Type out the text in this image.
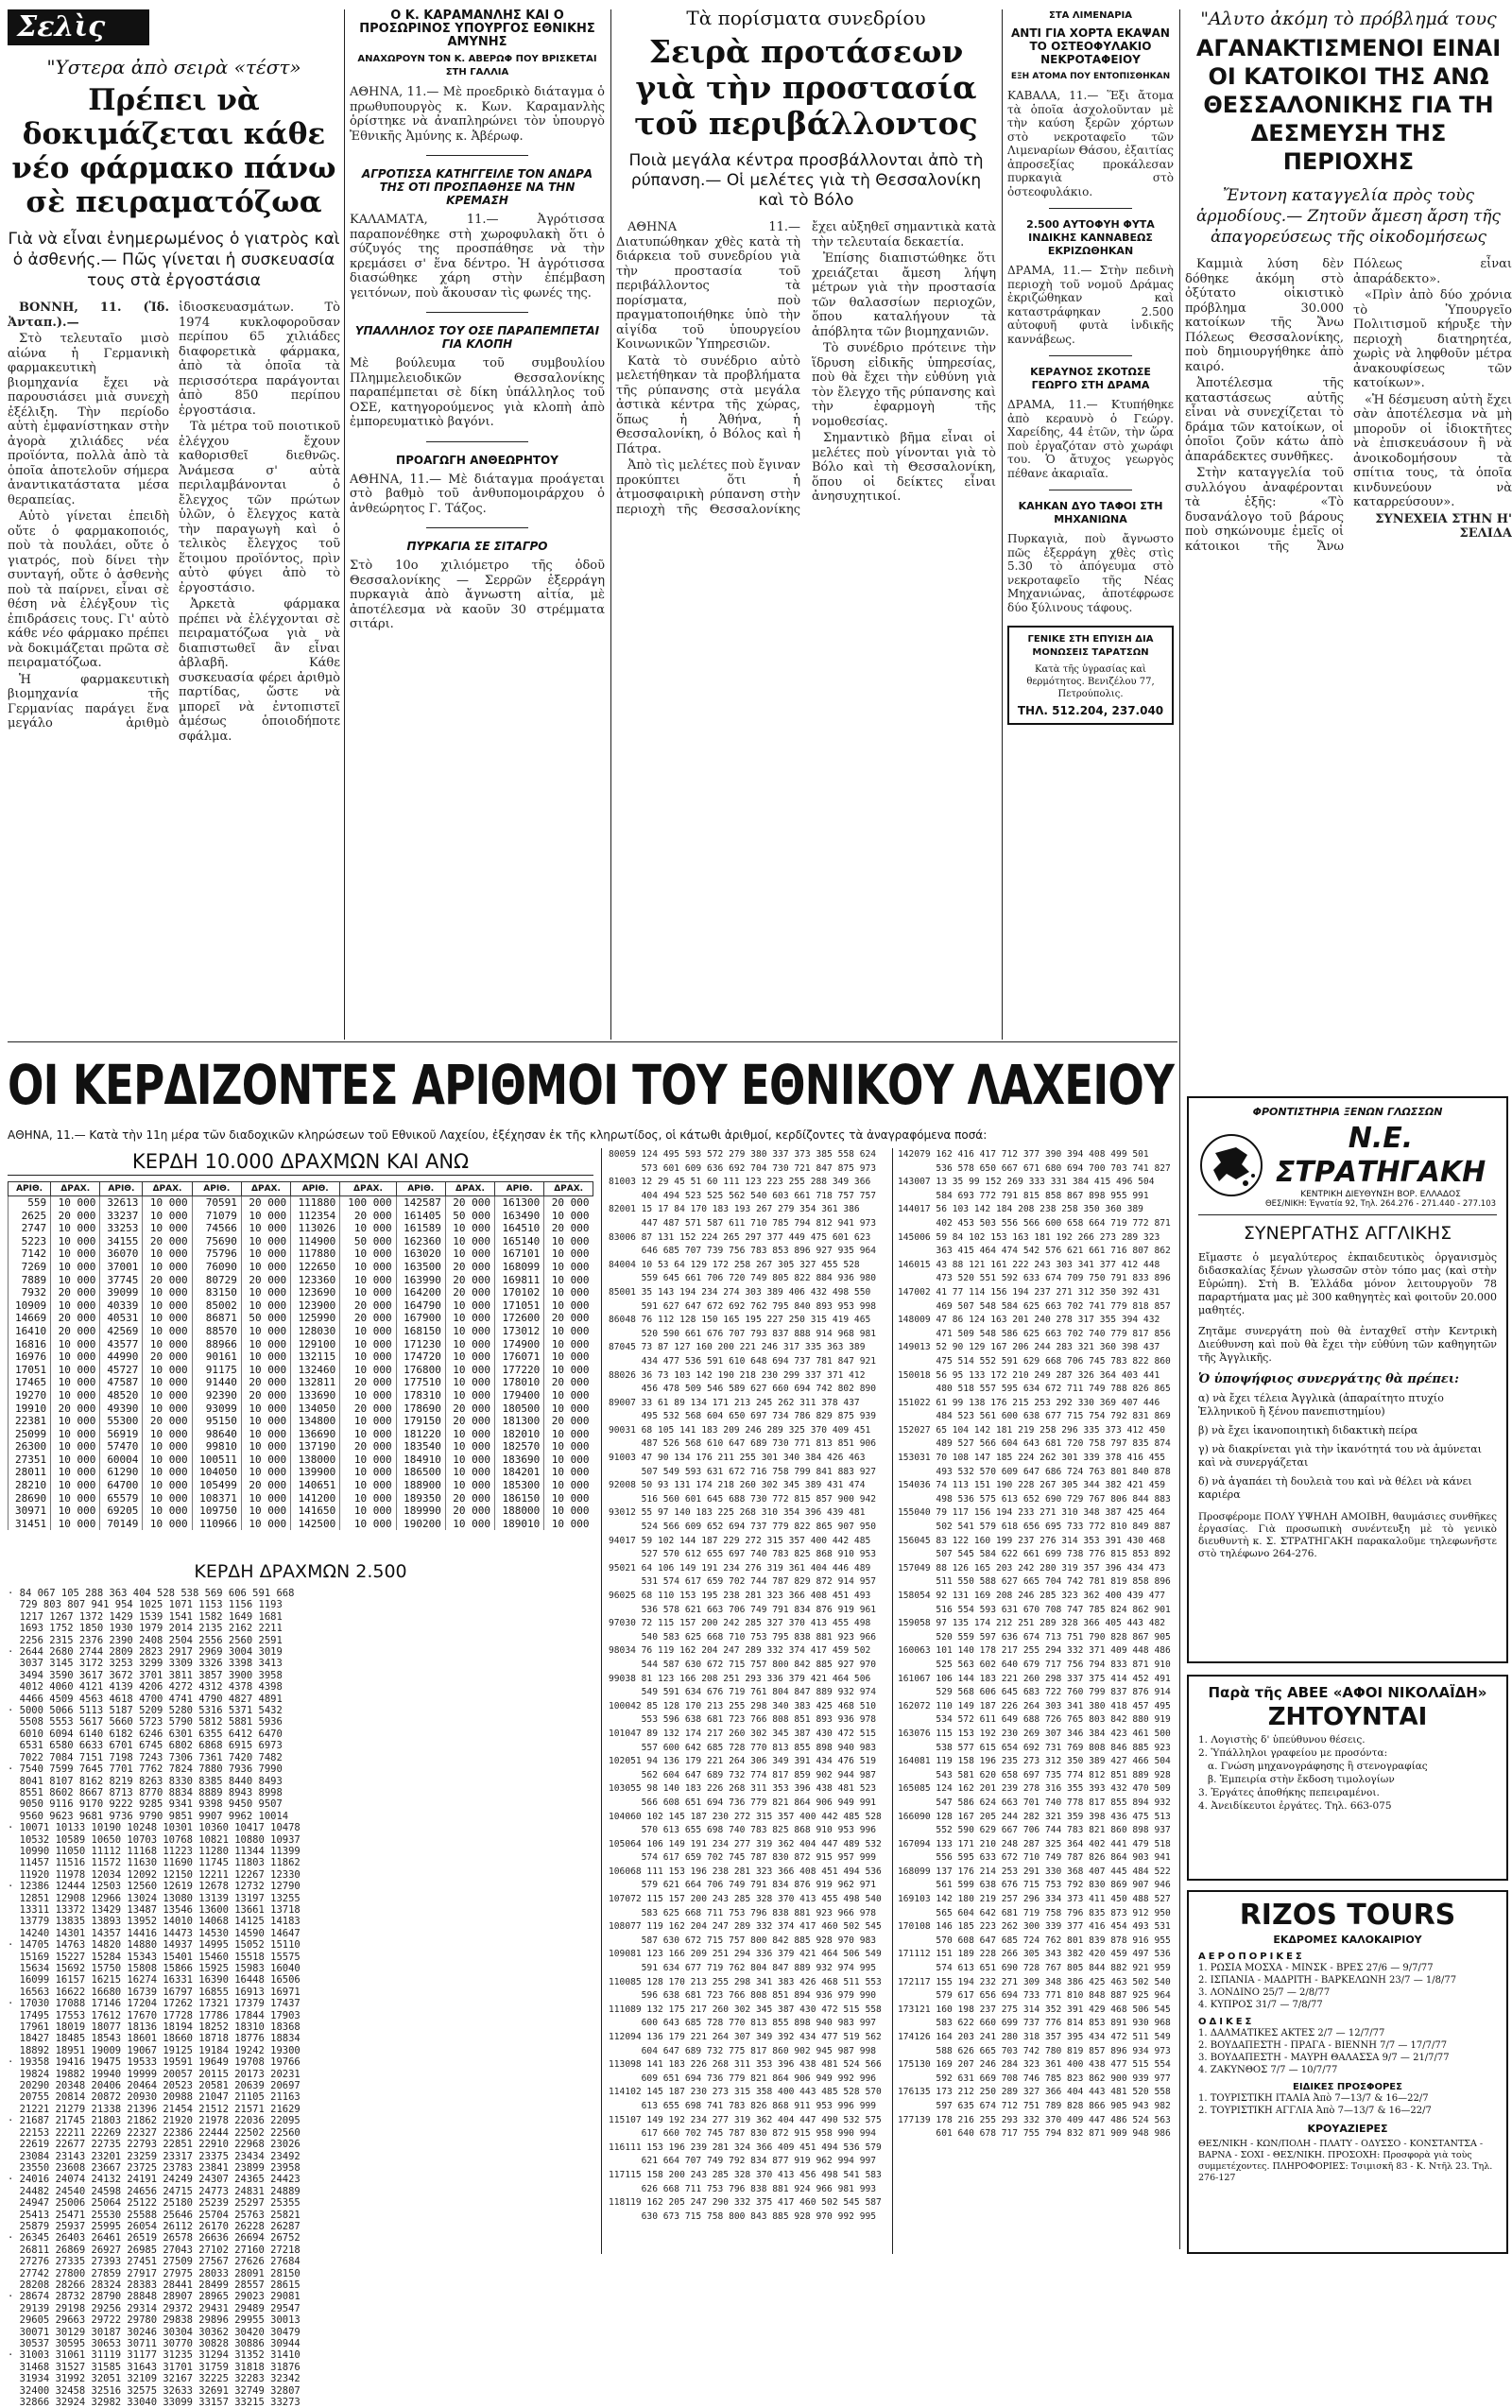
Σελὶς 20
"Υστερα ἀπὸ σειρὰ «τέστ»
Πρέπει νὰ δοκιμάζεται κάθε νέο φάρμακο πάνω σὲ πειραματόζωα
Γιὰ νὰ εἶναι ἐνημερωμένος ὁ γιατρὸς καὶ ὁ ἀσθενής.— Πῶς γίνεται ἡ συσκευασία τους στὰ ἐργοστάσια

ΒΟΝΝΗ, 11. (Ἰδ. Ἀνταπ.).—

Στὸ τελευταῖο μισὸ αἰώνα ἡ Γερμανικὴ φαρμακευτικὴ βιομηχανία ἔχει νὰ παρουσιάσει μιὰ συνεχὴ ἐξέλιξη. Τὴν περίοδο αὐτὴ ἐμφανίστηκαν στὴν ἀγορὰ χιλιάδες νέα προϊόντα, πολλὰ ἀπὸ τὰ ὁποῖα ἀποτελοῦν σήμερα ἀναντικατάστατα μέσα θεραπείας.

Αὐτὸ γίνεται ἐπειδὴ οὔτε ὁ φαρμακοποιός, ποὺ τὰ πουλάει, οὔτε ὁ γιατρός, ποὺ δίνει τὴν συνταγή, οὔτε ὁ ἀσθενὴς ποὺ τὰ παίρνει, εἶναι σὲ θέση νὰ ἐλέγξουν τὶς ἐπιδράσεις τους. Γι' αὐτὸ κάθε νέο φάρμακο πρέπει νὰ δοκιμάζεται πρῶτα σὲ πειραματόζωα.

Ἡ φαρμακευτικὴ βιομηχανία τῆς Γερμανίας παράγει ἕνα μεγάλο ἀριθμὸ ἰδιοσκευασμάτων. Τὸ 1974 κυκλοφοροῦσαν περίπου 65 χιλιάδες διαφορετικὰ φάρμακα, ἀπὸ τὰ ὁποῖα τὰ περισσότερα παράγονται ἀπὸ 850 περίπου ἐργοστάσια.

Τὰ μέτρα τοῦ ποιοτικοῦ ἐλέγχου ἔχουν καθορισθεῖ διεθνῶς. Ἀνάμεσα σ' αὐτὰ περιλαμβάνονται ὁ ἔλεγχος τῶν πρώτων ὑλῶν, ὁ ἔλεγχος κατὰ τὴν παραγωγὴ καὶ ὁ τελικὸς ἔλεγχος τοῦ ἕτοιμου προϊόντος, πρὶν αὐτὸ φύγει ἀπὸ τὸ ἐργοστάσιο.

Ἀρκετὰ φάρμακα πρέπει νὰ ἐλέγχονται σὲ πειραματόζωα γιὰ νὰ διαπιστωθεῖ ἂν εἶναι ἀβλαβῆ. Κάθε συσκευασία φέρει ἀριθμὸ παρτίδας, ὥστε νὰ μπορεῖ νὰ ἐντοπιστεῖ ἀμέσως ὁποιοδήποτε σφάλμα.

Ο Κ. ΚΑΡΑΜΑΝΛΗΣ ΚΑΙ Ο ΠΡΟΣΩΡΙΝΟΣ ΥΠΟΥΡΓΟΣ ΕΘΝΙΚΗΣ ΑΜΥΝΗΣ
ΑΝΑΧΩΡΟΥΝ ΤΟΝ Κ. ΑΒΕΡΩΦ ΠΟΥ ΒΡΙΣΚΕΤΑΙ ΣΤΗ ΓΑΛΛΙΑ
ΑΘΗΝΑ, 11.— Μὲ προεδρικὸ διάταγμα ὁ πρωθυπουργὸς κ. Κων. Καραμανλὴς ὁρίστηκε νὰ ἀναπληρώνει τὸν ὑπουργὸ Ἐθνικῆς Ἀμύνης κ. Ἀβέρωφ.
ΑΓΡΟΤΙΣΣΑ ΚΑΤΗΓΓΕΙΛΕ ΤΟΝ ΑΝΔΡΑ ΤΗΣ ΟΤΙ ΠΡΟΣΠΑΘΗΣΕ ΝΑ ΤΗΝ ΚΡΕΜΑΣΗ
ΚΑΛΑΜΑΤΑ, 11.— Ἀγρότισσα παραπονέθηκε στὴ χωροφυλακὴ ὅτι ὁ σύζυγός της προσπάθησε νὰ τὴν κρεμάσει σ' ἕνα δέντρο. Ἡ ἀγρότισσα διασώθηκε χάρη στὴν ἐπέμβαση γειτόνων, ποὺ ἄκουσαν τὶς φωνές της.
ΥΠΑΛΛΗΛΟΣ ΤΟΥ ΟΣΕ ΠΑΡΑΠΕΜΠΕΤΑΙ ΓΙΑ ΚΛΟΠΗ
Μὲ βούλευμα τοῦ συμβουλίου Πλημμελειοδικῶν Θεσσαλονίκης παραπέμπεται σὲ δίκη ὑπάλληλος τοῦ ΟΣΕ, κατηγορούμενος γιὰ κλοπὴ ἀπὸ ἐμπορευματικὸ βαγόνι.
ΠΡΟΑΓΩΓΗ ΑΝΘΕΩΡΗΤΟΥ
ΑΘΗΝΑ, 11.— Μὲ διάταγμα προάγεται στὸ βαθμὸ τοῦ ἀνθυπομοιράρχου ὁ ἀνθεώρητος Γ. Τάζος.
ΠΥΡΚΑΓΙΑ ΣΕ ΣΙΤΑΓΡΟ
Στὸ 10ο χιλιόμετρο τῆς ὁδοῦ Θεσσαλονίκης — Σερρῶν ἐξερράγη πυρκαγιὰ ἀπὸ ἄγνωστη αἰτία, μὲ ἀποτέλεσμα νὰ καοῦν 30 στρέμματα σιτάρι.
Τὰ πορίσματα συνεδρίου
Σειρὰ προτάσεων γιὰ τὴν προστασία τοῦ περιβάλλοντος
Ποιὰ μεγάλα κέντρα προσβάλλονται ἀπὸ τὴ ρύπανση.— Οἱ μελέτες γιὰ τὴ Θεσσαλονίκη καὶ τὸ Βόλο

ΑΘΗΝΑ 11.— Διατυπώθηκαν χθὲς κατὰ τὴ διάρκεια τοῦ συνεδρίου γιὰ τὴν προστασία τοῦ περιβάλλοντος τὰ πορίσματα, ποὺ πραγματοποιήθηκε ὑπὸ τὴν αἰγίδα τοῦ ὑπουργείου Κοινωνικῶν Ὑπηρεσιῶν.

Κατὰ τὸ συνέδριο αὐτὸ μελετήθηκαν τὰ προβλήματα τῆς ρύπανσης στὰ μεγάλα ἀστικὰ κέντρα τῆς χώρας, ὅπως ἡ Ἀθήνα, ἡ Θεσσαλονίκη, ὁ Βόλος καὶ ἡ Πάτρα.

Ἀπὸ τὶς μελέτες ποὺ ἔγιναν προκύπτει ὅτι ἡ ἀτμοσφαιρικὴ ρύπανση στὴν περιοχὴ τῆς Θεσσαλονίκης ἔχει αὐξηθεῖ σημαντικὰ κατὰ τὴν τελευταία δεκαετία.

Ἐπίσης διαπιστώθηκε ὅτι χρειάζεται ἄμεση λήψη μέτρων γιὰ τὴν προστασία τῶν θαλασσίων περιοχῶν, ὅπου καταλήγουν τὰ ἀπόβλητα τῶν βιομηχανιῶν.

Τὸ συνέδριο πρότεινε τὴν ἵδρυση εἰδικῆς ὑπηρεσίας, ποὺ θὰ ἔχει τὴν εὐθύνη γιὰ τὸν ἔλεγχο τῆς ρύπανσης καὶ τὴν ἐφαρμογὴ τῆς νομοθεσίας.

Σημαντικὸ βῆμα εἶναι οἱ μελέτες ποὺ γίνονται γιὰ τὸ Βόλο καὶ τὴ Θεσσαλονίκη, ὅπου οἱ δείκτες εἶναι ἀνησυχητικοί.

ΣΤΑ ΛΙΜΕΝΑΡΙΑ
ΑΝΤΙ ΓΙΑ ΧΟΡΤΑ ΕΚΑΨΑΝ ΤΟ ΟΣΤΕΟΦΥΛΑΚΙΟ ΝΕΚΡΟΤΑΦΕΙΟΥ
ΕΞΗ ΑΤΟΜΑ ΠΟΥ ΕΝΤΟΠΙΣΘΗΚΑΝ
ΚΑΒΑΛΑ, 11.— Ἕξι ἄτομα τὰ ὁποῖα ἀσχολοῦνταν μὲ τὴν καύση ξερῶν χόρτων στὸ νεκροταφεῖο τῶν Λιμεναρίων Θάσου, ἐξαιτίας ἀπροσεξίας προκάλεσαν πυρκαγιὰ στὸ ὀστεοφυλάκιο.
2.500 ΑΥΤΟΦΥΗ ΦΥΤΑ ΙΝΔΙΚΗΣ ΚΑΝΝΑΒΕΩΣ ΕΚΡΙΖΩΘΗΚΑΝ
ΔΡΑΜΑ, 11.— Στὴν πεδινὴ περιοχὴ τοῦ νομοῦ Δράμας ἐκριζώθηκαν καὶ καταστράφηκαν 2.500 αὐτοφυῆ φυτὰ ἰνδικῆς καννάβεως.
ΚΕΡΑΥΝΟΣ ΣΚΟΤΩΣΕ ΓΕΩΡΓΟ ΣΤΗ ΔΡΑΜΑ
ΔΡΑΜΑ, 11.— Κτυπήθηκε ἀπὸ κεραυνὸ ὁ Γεώργ. Χαρείδης, 44 ἐτῶν, τὴν ὥρα ποὺ ἐργαζόταν στὸ χωράφι του. Ὁ ἄτυχος γεωργὸς πέθανε ἀκαριαῖα.
ΚΑΗΚΑΝ ΔΥΟ ΤΑΦΟΙ ΣΤΗ ΜΗΧΑΝΙΩΝΑ
Πυρκαγιὰ, ποὺ ἄγνωστο πῶς ἐξερράγη χθὲς στὶς 5.30 τὸ ἀπόγευμα στὸ νεκροταφεῖο τῆς Νέας Μηχανιώνας, ἀποτέφρωσε δύο ξύλινους τάφους.
ΓΕΝΙΚΕ ΣΤΗ ΕΠΥΙΣΗ ΔΙΑ ΜΟΝΩΣΕΙΣ ΤΑΡΑΤΣΩΝ
Κατὰ τῆς ὑγρασίας καὶ θερμότητος. Βενιζέλου 77, Πετρούπολις.
ΤΗΛ. 512.204, 237.040
"Αλυτο ἀκόμη τὸ πρόβλημά τους
ΑΓΑΝΑΚΤΙΣΜΕΝΟΙ ΕΙΝΑΙ ΟΙ ΚΑΤΟΙΚΟΙ ΤΗΣ ΑΝΩ ΘΕΣΣΑΛΟΝΙΚΗΣ ΓΙΑ ΤΗ ΔΕΣΜΕΥΣΗ ΤΗΣ ΠΕΡΙΟΧΗΣ
Ἔντονη καταγγελία πρὸς τοὺς ἁρμοδίους.— Ζητοῦν ἄμεση ἄρση τῆς ἀπαγορεύσεως τῆς οἰκοδομήσεως

Καμμιὰ λύση δὲν δόθηκε ἀκόμη στὸ ὀξύτατο οἰκιστικὸ πρόβλημα 30.000 κατοίκων τῆς Ἄνω Πόλεως Θεσσαλονίκης, ποὺ δημιουργήθηκε ἀπὸ καιρό.

Ἀποτέλεσμα τῆς καταστάσεως αὐτῆς εἶναι νὰ συνεχίζεται τὸ δράμα τῶν κατοίκων, οἱ ὁποῖοι ζοῦν κάτω ἀπὸ ἀπαράδεκτες συνθῆκες.

Στὴν καταγγελία τοῦ συλλόγου ἀναφέρονται τὰ ἑξῆς: «Τὸ δυσανάλογο τοῦ βάρους ποὺ σηκώνουμε ἐμεῖς οἱ κάτοικοι τῆς Ἄνω Πόλεως εἶναι ἀπαράδεκτο».

«Πρὶν ἀπὸ δύο χρόνια τὸ Ὑπουργεῖο Πολιτισμοῦ κήρυξε τὴν περιοχὴ διατηρητέα, χωρὶς νὰ ληφθοῦν μέτρα ἀνακουφίσεως τῶν κατοίκων».

«Ἡ δέσμευση αὐτὴ ἔχει σὰν ἀποτέλεσμα νὰ μὴ μποροῦν οἱ ἰδιοκτῆτες νὰ ἐπισκευάσουν ἢ νὰ ἀνοικοδομήσουν τὰ σπίτια τους, τὰ ὁποῖα κινδυνεύουν νὰ καταρρεύσουν».

ΣΥΝΕΧΕΙΑ ΣΤΗΝ Η' ΣΕΛΙΔΑ

ΟΙ ΚΕΡΔΙΖΟΝΤΕΣ ΑΡΙΘΜΟΙ ΤΟΥ ΕΘΝΙΚΟΥ ΛΑΧΕΙΟΥ
ΑΘΗΝΑ, 11.— Κατὰ τὴν 11η μέρα τῶν διαδοχικῶν κληρώσεων τοῦ Εθνικοῦ Λαχείου, ἐξέχησαν ἐκ τῆς κληρωτίδος, οἱ κάτωθι ἀριθμοί, κερδίζοντες τὰ ἀναγραφόμενα ποσά:
ΚΕΡΔΗ 10.000 ΔΡΑΧΜΩΝ ΚΑΙ ΑΝΩ
ΑΡΙΘ.	ΔΡΑΧ.	ΑΡΙΘ.	ΔΡΑΧ.	ΑΡΙΘ.	ΔΡΑΧ.	ΑΡΙΘ.	ΔΡΑΧ.	ΑΡΙΘ.	ΔΡΑΧ.	ΑΡΙΘ.	ΔΡΑΧ.
559	10 000	32613	10 000	70591	20 000	111880	100 000	142587	20 000	161300	20 000
2625	20 000	33237	10 000	71079	10 000	112354	20 000	161405	50 000	163490	10 000
2747	10 000	33253	10 000	74566	10 000	113026	10 000	161589	10 000	164510	20 000
5223	10 000	34155	20 000	75690	10 000	114900	50 000	162360	10 000	165140	10 000
7142	10 000	36070	10 000	75796	10 000	117880	10 000	163020	10 000	167101	10 000
7269	10 000	37001	10 000	76090	10 000	122650	10 000	163500	20 000	168099	10 000
7889	10 000	37745	20 000	80729	20 000	123360	10 000	163990	20 000	169811	10 000
7932	20 000	39099	10 000	83150	10 000	123690	10 000	164200	20 000	170102	10 000
10909	10 000	40339	10 000	85002	10 000	123900	20 000	164790	10 000	171051	10 000
14669	20 000	40531	10 000	86871	50 000	125990	20 000	167900	10 000	172600	20 000
16410	20 000	42569	10 000	88570	10 000	128030	10 000	168150	10 000	173012	10 000
16816	10 000	43577	10 000	88966	10 000	129100	10 000	171230	10 000	174900	10 000
16976	10 000	44990	20 000	90161	10 000	132115	10 000	174720	10 000	176071	10 000
17051	10 000	45727	10 000	91175	10 000	132460	10 000	176800	10 000	177220	10 000
17465	10 000	47587	10 000	91440	20 000	132811	20 000	177510	10 000	178010	20 000
19270	10 000	48520	10 000	92390	20 000	133690	10 000	178310	10 000	179400	10 000
19910	20 000	49390	10 000	93099	10 000	134050	20 000	178690	20 000	180500	10 000
22381	10 000	55300	20 000	95150	10 000	134800	10 000	179150	20 000	181300	20 000
25099	10 000	56919	10 000	98640	10 000	136690	10 000	181220	10 000	182010	10 000
26300	10 000	57470	10 000	99810	10 000	137190	20 000	183540	10 000	182570	10 000
27351	10 000	60004	10 000	100511	10 000	138000	10 000	184910	10 000	183690	10 000
28011	10 000	61290	10 000	104050	10 000	139900	10 000	186500	10 000	184201	10 000
28210	10 000	64700	10 000	105499	20 000	140651	10 000	188900	10 000	185300	10 000
28690	10 000	65579	10 000	108371	10 000	141200	10 000	189350	20 000	186150	10 000
30971	10 000	69205	10 000	109750	10 000	141650	10 000	189990	20 000	188000	10 000
31451	10 000	70149	10 000	110966	10 000	142500	10 000	190200	10 000	189010	10 000
ΚΕΡΔΗ ΔΡΑΧΜΩΝ 2.500
· 84 067 105 288 363 404 528 538 569 606 591 668
729 803 807 941 954 1025 1071 1153 1156 1193
1217 1267 1372 1429 1539 1541 1582 1649 1681
1693 1752 1850 1930 1979 2014 2135 2162 2211
2256 2315 2376 2390 2408 2504 2556 2560 2591
· 2644 2680 2744 2809 2823 2917 2969 3004 3019
3037 3145 3172 3253 3299 3309 3326 3398 3413
3494 3590 3617 3672 3701 3811 3857 3900 3958
4012 4060 4121 4139 4206 4272 4312 4378 4398
4466 4509 4563 4618 4700 4741 4790 4827 4891
· 5000 5066 5113 5187 5209 5280 5316 5371 5432
5508 5553 5617 5660 5723 5790 5812 5881 5936
6010 6094 6140 6182 6246 6301 6355 6412 6470
6531 6580 6633 6701 6745 6802 6868 6915 6973
7022 7084 7151 7198 7243 7306 7361 7420 7482
· 7540 7599 7645 7701 7762 7824 7880 7936 7990
8041 8107 8162 8219 8263 8330 8385 8440 8493
8551 8602 8667 8713 8770 8834 8889 8943 8998
9050 9116 9170 9222 9285 9341 9398 9450 9507
9560 9623 9681 9736 9790 9851 9907 9962 10014
· 10071 10133 10190 10248 10301 10360 10417 10478
10532 10589 10650 10703 10768 10821 10880 10937
10990 11050 11112 11168 11223 11280 11344 11399
11457 11516 11572 11630 11690 11745 11803 11862
11920 11978 12034 12092 12150 12211 12267 12330
· 12386 12444 12503 12560 12619 12678 12732 12790
12851 12908 12966 13024 13080 13139 13197 13255
13311 13372 13429 13487 13546 13600 13661 13718
13779 13835 13893 13952 14010 14068 14125 14183
14240 14301 14357 14416 14473 14530 14590 14647
· 14705 14763 14820 14880 14937 14995 15052 15110
15169 15227 15284 15343 15401 15460 15518 15575
15634 15692 15750 15808 15866 15925 15983 16040
16099 16157 16215 16274 16331 16390 16448 16506
16563 16622 16680 16739 16797 16855 16913 16971
· 17030 17088 17146 17204 17262 17321 17379 17437
17495 17553 17612 17670 17728 17786 17844 17903
17961 18019 18077 18136 18194 18252 18310 18368
18427 18485 18543 18601 18660 18718 18776 18834
18892 18951 19009 19067 19125 19184 19242 19300
· 19358 19416 19475 19533 19591 19649 19708 19766
19824 19882 19940 19999 20057 20115 20173 20231
20290 20348 20406 20464 20523 20581 20639 20697
20755 20814 20872 20930 20988 21047 21105 21163
21221 21279 21338 21396 21454 21512 21571 21629
· 21687 21745 21803 21862 21920 21978 22036 22095
22153 22211 22269 22327 22386 22444 22502 22560
22619 22677 22735 22793 22851 22910 22968 23026
23084 23143 23201 23259 23317 23375 23434 23492
23550 23608 23667 23725 23783 23841 23899 23958
· 24016 24074 24132 24191 24249 24307 24365 24423
24482 24540 24598 24656 24715 24773 24831 24889
24947 25006 25064 25122 25180 25239 25297 25355
25413 25471 25530 25588 25646 25704 25763 25821
25879 25937 25995 26054 26112 26170 26228 26287
· 26345 26403 26461 26519 26578 26636 26694 26752
26811 26869 26927 26985 27043 27102 27160 27218
27276 27335 27393 27451 27509 27567 27626 27684
27742 27800 27859 27917 27975 28033 28091 28150
28208 28266 28324 28383 28441 28499 28557 28615
· 28674 28732 28790 28848 28907 28965 29023 29081
29139 29198 29256 29314 29372 29431 29489 29547
29605 29663 29722 29780 29838 29896 29955 30013
30071 30129 30187 30246 30304 30362 30420 30479
30537 30595 30653 30711 30770 30828 30886 30944
· 31003 31061 31119 31177 31235 31294 31352 31410
31468 31527 31585 31643 31701 31759 31818 31876
31934 31992 32051 32109 32167 32225 32283 32342
32400 32458 32516 32575 32633 32691 32749 32807
32866 32924 32982 33040 33099 33157 33215 33273
80059 124 495 593 572 279 380 337 373 385 558 624
573 601 609 636 692 704 730 721 847 875 973
81003 12 29 45 51 60 111 123 223 255 288 349 366
404 494 523 525 562 540 603 661 718 757 757
82001 15 17 84 170 183 193 267 279 354 361 386
447 487 571 587 611 710 785 794 812 941 973
83006 87 131 152 224 265 297 377 449 475 601 623
646 685 707 739 756 783 853 896 927 935 964
84004 10 53 64 129 172 258 267 305 327 455 528
559 645 661 706 720 749 805 822 884 936 980
85001 35 143 194 234 274 303 389 406 432 498 550
591 627 647 672 692 762 795 840 893 953 998
86048 76 112 128 150 165 195 227 250 315 419 465
520 590 661 676 707 793 837 888 914 968 981
87045 73 87 127 160 200 221 246 317 335 363 389
434 477 536 591 610 648 694 737 781 847 921
88026 36 73 103 142 190 218 230 299 337 371 412
456 478 509 546 589 627 660 694 742 802 890
89007 33 61 89 134 171 213 245 262 311 378 437
495 532 568 604 650 697 734 786 829 875 939
90031 68 105 141 183 209 246 289 325 370 409 451
487 526 568 610 647 689 730 771 813 851 906
91003 47 90 134 176 211 255 301 340 384 426 463
507 549 593 631 672 716 758 799 841 883 927
92008 50 93 131 174 218 260 302 345 389 431 474
516 560 601 645 688 730 772 815 857 900 942
93012 55 97 140 183 225 268 310 354 396 439 481
524 566 609 652 694 737 779 822 865 907 950
94017 59 102 144 187 229 272 315 357 400 442 485
527 570 612 655 697 740 783 825 868 910 953
95021 64 106 149 191 234 276 319 361 404 446 489
531 574 617 659 702 744 787 829 872 914 957
96025 68 110 153 195 238 281 323 366 408 451 493
536 578 621 663 706 749 791 834 876 919 961
97030 72 115 157 200 242 285 327 370 413 455 498
540 583 625 668 710 753 795 838 881 923 966
98034 76 119 162 204 247 289 332 374 417 459 502
544 587 630 672 715 757 800 842 885 927 970
99038 81 123 166 208 251 293 336 379 421 464 506
549 591 634 676 719 761 804 847 889 932 974
100042 85 128 170 213 255 298 340 383 425 468 510
553 596 638 681 723 766 808 851 893 936 978
101047 89 132 174 217 260 302 345 387 430 472 515
557 600 642 685 728 770 813 855 898 940 983
102051 94 136 179 221 264 306 349 391 434 476 519
562 604 647 689 732 774 817 859 902 944 987
103055 98 140 183 226 268 311 353 396 438 481 523
566 608 651 694 736 779 821 864 906 949 991
104060 102 145 187 230 272 315 357 400 442 485 528
570 613 655 698 740 783 825 868 910 953 996
105064 106 149 191 234 277 319 362 404 447 489 532
574 617 659 702 745 787 830 872 915 957 999
106068 111 153 196 238 281 323 366 408 451 494 536
579 621 664 706 749 791 834 876 919 962 971
107072 115 157 200 243 285 328 370 413 455 498 540
583 625 668 711 753 796 838 881 923 966 978
108077 119 162 204 247 289 332 374 417 460 502 545
587 630 672 715 757 800 842 885 928 970 983
109081 123 166 209 251 294 336 379 421 464 506 549
591 634 677 719 762 804 847 889 932 974 995
110085 128 170 213 255 298 341 383 426 468 511 553
596 638 681 723 766 808 851 894 936 979 990
111089 132 175 217 260 302 345 387 430 472 515 558
600 643 685 728 770 813 855 898 940 983 997
112094 136 179 221 264 307 349 392 434 477 519 562
604 647 689 732 775 817 860 902 945 987 998
113098 141 183 226 268 311 353 396 438 481 524 566
609 651 694 736 779 821 864 906 949 992 996
114102 145 187 230 273 315 358 400 443 485 528 570
613 655 698 741 783 826 868 911 953 996 999
115107 149 192 234 277 319 362 404 447 490 532 575
617 660 702 745 787 830 872 915 958 990 994
116111 153 196 239 281 324 366 409 451 494 536 579
621 664 707 749 792 834 877 919 962 994 997
117115 158 200 243 285 328 370 413 456 498 541 583
626 668 711 753 796 838 881 924 966 981 993
118119 162 205 247 290 332 375 417 460 502 545 587
630 673 715 758 800 843 885 928 970 992 995
142079 162 416 417 712 377 390 394 408 499 501
536 578 650 667 671 680 694 700 703 741 827
143007 13 35 99 152 269 333 331 384 415 496 504
584 693 772 791 815 858 867 898 955 991
144017 56 103 142 184 208 238 258 350 360 389
402 453 503 556 566 600 658 664 719 772 871
145006 59 84 102 153 163 181 192 266 273 289 323
363 415 464 474 542 576 621 661 716 807 862
146015 43 88 121 161 222 243 303 341 377 412 448
473 520 551 592 633 674 709 750 791 833 896
147002 41 77 114 156 194 237 271 312 350 392 431
469 507 548 584 625 663 702 741 779 818 857
148009 47 86 124 163 201 240 278 317 355 394 432
471 509 548 586 625 663 702 740 779 817 856
149013 52 90 129 167 206 244 283 321 360 398 437
475 514 552 591 629 668 706 745 783 822 860
150018 56 95 133 172 210 249 287 326 364 403 441
480 518 557 595 634 672 711 749 788 826 865
151022 61 99 138 176 215 253 292 330 369 407 446
484 523 561 600 638 677 715 754 792 831 869
152027 65 104 142 181 219 258 296 335 373 412 450
489 527 566 604 643 681 720 758 797 835 874
153031 70 108 147 185 224 262 301 339 378 416 455
493 532 570 609 647 686 724 763 801 840 878
154036 74 113 151 190 228 267 305 344 382 421 459
498 536 575 613 652 690 729 767 806 844 883
155040 79 117 156 194 233 271 310 348 387 425 464
502 541 579 618 656 695 733 772 810 849 887
156045 83 122 160 199 237 276 314 353 391 430 468
507 545 584 622 661 699 738 776 815 853 892
157049 88 126 165 203 242 280 319 357 396 434 473
511 550 588 627 665 704 742 781 819 858 896
158054 92 131 169 208 246 285 323 362 400 439 477
516 554 593 631 670 708 747 785 824 862 901
159058 97 135 174 212 251 289 328 366 405 443 482
520 559 597 636 674 713 751 790 828 867 905
160063 101 140 178 217 255 294 332 371 409 448 486
525 563 602 640 679 717 756 794 833 871 910
161067 106 144 183 221 260 298 337 375 414 452 491
529 568 606 645 683 722 760 799 837 876 914
162072 110 149 187 226 264 303 341 380 418 457 495
534 572 611 649 688 726 765 803 842 880 919
163076 115 153 192 230 269 307 346 384 423 461 500
538 577 615 654 692 731 769 808 846 885 923
164081 119 158 196 235 273 312 350 389 427 466 504
543 581 620 658 697 735 774 812 851 889 928
165085 124 162 201 239 278 316 355 393 432 470 509
547 586 624 663 701 740 778 817 855 894 932
166090 128 167 205 244 282 321 359 398 436 475 513
552 590 629 667 706 744 783 821 860 898 937
167094 133 171 210 248 287 325 364 402 441 479 518
556 595 633 672 710 749 787 826 864 903 941
168099 137 176 214 253 291 330 368 407 445 484 522
561 599 638 676 715 753 792 830 869 907 946
169103 142 180 219 257 296 334 373 411 450 488 527
565 604 642 681 719 758 796 835 873 912 950
170108 146 185 223 262 300 339 377 416 454 493 531
570 608 647 685 724 762 801 839 878 916 955
171112 151 189 228 266 305 343 382 420 459 497 536
574 613 651 690 728 767 805 844 882 921 959
172117 155 194 232 271 309 348 386 425 463 502 540
579 617 656 694 733 771 810 848 887 925 964
173121 160 198 237 275 314 352 391 429 468 506 545
583 622 660 699 737 776 814 853 891 930 968
174126 164 203 241 280 318 357 395 434 472 511 549
588 626 665 703 742 780 819 857 896 934 973
175130 169 207 246 284 323 361 400 438 477 515 554
592 631 669 708 746 785 823 862 900 939 977
176135 173 212 250 289 327 366 404 443 481 520 558
597 635 674 712 751 789 828 866 905 943 982
177139 178 216 255 293 332 370 409 447 486 524 563
601 640 678 717 755 794 832 871 909 948 986
ΦΡΟΝΤΙΣΤΗΡΙΑ ΞΕΝΩΝ ΓΛΩΣΣΩΝ
Ν.Ε. ΣΤΡΑΤΗΓΑΚΗ
ΚΕΝΤΡΙΚΗ ΔΙΕΥΘΥΝΣΗ ΒΟΡ. ΕΛΛΑΔΟΣ
ΘΕΣ/ΝΙΚΗ: Ἐγνατία 92, Τηλ. 264.276 - 271.440 - 277.103
ΣΥΝΕΡΓΑΤΗΣ ΑΓΓΛΙΚΗΣ
Εἴμαστε ὁ μεγαλύτερος ἐκπαιδευτικὸς ὀργανισμὸς διδασκαλίας ξένων γλωσσῶν στὸν τόπο μας (καὶ στὴν Εὐρώπη). Στὴ Β. Ἑλλάδα μόνον λειτουργοῦν 78 παραρτήματα μας μὲ 300 καθηγητὲς καὶ φοιτοῦν 20.000 μαθητές.
Ζητᾶμε συνεργάτη ποὺ θὰ ἐνταχθεῖ στὴν Κεντρικὴ Διεύθυνση καὶ ποὺ θὰ ἔχει τὴν εὐθύνη τῶν καθηγητῶν τῆς Ἀγγλικῆς.
Ὁ ὑποψήφιος συνεργάτης θὰ πρέπει:
α) νὰ ἔχει τέλεια Ἀγγλικὰ (ἀπαραίτητο πτυχίο Ἑλληνικοῦ ἢ ξένου πανεπιστημίου)
β) νὰ ἔχει ἱκανοποιητικὴ διδακτικὴ πείρα
γ) νὰ διακρίνεται γιὰ τὴν ἱκανότητά του νὰ ἀμύνεται καὶ νὰ συνεργάζεται
δ) νὰ ἀγαπάει τὴ δουλειὰ του καὶ νὰ θέλει νὰ κάνει καριέρα
Προσφέρομε ΠΟΛΥ ΥΨΗΛΗ ΑΜΟΙΒΗ, θαυμάσιες συνθῆκες ἐργασίας. Γιὰ προσωπικὴ συνέντευξη μὲ τὸ γενικὸ διευθυντὴ κ. Σ. ΣΤΡΑΤΗΓΑΚΗ παρακαλοῦμε τηλεφωνῆστε στὸ τηλέφωνο 264-276.
Παρὰ τῆς ΑΒΕΕ «ΑΦΟΙ ΝΙΚΟΛΑΪΔΗ»
ΖΗΤΟΥΝΤΑΙ
1. Λογιστὴς δ' ὑπεύθυνου θέσεις.
2. Ὑπάλληλοι γραφείου με προσόντα:
α. Γνώση μηχανογράφησης ἢ στενογραφίας
β. Ἐμπειρία στὴν ἔκδοση τιμολογίων
3. Ἐργάτες ἀποθήκης πεπειραμένοι.
4. Ἀνειδίκευτοι ἐργάτες. Τηλ. 663-075
RIZOS TOURS
ΕΚΔΡΟΜΕΣ ΚΑΛΟΚΑΙΡΙΟΥ
ΑΕΡΟΠΟΡΙΚΕΣ
1. ΡΩΣΙΑ ΜΟΣΧΑ - ΜΙΝΣΚ - ΒΡΕΣ 27/6 — 9/7/77
2. ΙΣΠΑΝΙΑ - ΜΑΔΡΙΤΗ - ΒΑΡΚΕΛΩΝΗ 23/7 — 1/8/77
3. ΛΟΝΔΙΝΟ 25/7 — 2/8/77
4. ΚΥΠΡΟΣ 31/7 — 7/8/77
ΟΔΙΚΕΣ
1. ΔΑΛΜΑΤΙΚΕΣ ΑΚΤΕΣ 2/7 — 12/7/77
2. ΒΟΥΔΑΠΕΣΤΗ - ΠΡΑΓΑ - ΒΙΕΝΝΗ 7/7 — 17/7/77
3. ΒΟΥΔΑΠΕΣΤΗ - ΜΑΥΡΗ ΘΑΛΑΣΣΑ 9/7 — 21/7/77
4. ΖΑΚΥΝΘΟΣ 7/7 — 10/7/77
ΕΙΔΙΚΕΣ ΠΡΟΣΦΟΡΕΣ
1. ΤΟΥΡΙΣΤΙΚΗ ΙΤΑΛΙΑ Ἀπὸ 7—13/7 & 16—22/7
2. ΤΟΥΡΙΣΤΙΚΗ ΑΓΓΛΙΑ Ἀπὸ 7—13/7 & 16—22/7
ΚΡΟΥΑΖΙΕΡΕΣ
ΘΕΣ/ΝΙΚΗ - ΚΩΝ/ΠΟΛΗ - ΠΛΑΤΥ - ΟΔΥΣΣΟ - ΚΟΝΣΤΑΝΤΣΑ - ΒΑΡΝΑ - ΣΟΧΙ - ΘΕΣ/ΝΙΚΗ. ΠΡΟΣΟΧΗ: Προσφορὰ γιὰ τοὺς συμμετέχοντες. ΠΛΗΡΟΦΟΡΙΕΣ: Τσιμισκῆ 83 - Κ. Ντῆλ 23. Τηλ. 276-127
